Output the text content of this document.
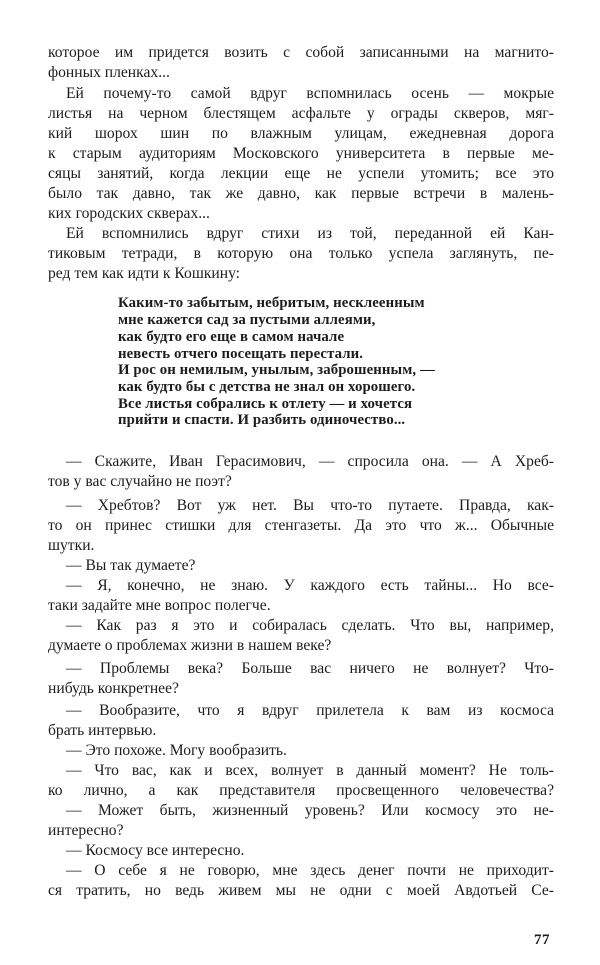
которое им придется возить с собой записанными на магнито-
фонных пленках...
Ей почему-то самой вдруг вспомнилась осень — мокрые
листья на черном блестящем асфальте у ограды скверов, мяг-
кий шорох шин по влажным улицам, ежедневная дорога
к старым аудиториям Московского университета в первые ме-
сяцы занятий, когда лекции еще не успели утомить; все это
было так давно, так же давно, как первые встречи в малень-
ких городских скверах...
Ей вспомнились вдруг стихи из той, переданной ей Кан-
тиковым тетради, в которую она только успела заглянуть, пе-
ред тем как идти к Кошкину:
Каким-то забытым, небритым, несклеенным
мне кажется сад за пустыми аллеями,
как будто его еще в самом начале
невесть отчего посещать перестали.
И рос он немилым, унылым, заброшенным, —
как будто бы с детства не знал он хорошего.
Все листья собрались к отлету — и хочется
прийти и спасти. И разбить одиночество...
— Скажите, Иван Герасимович, — спросила она. — А Хреб-
тов у вас случайно не поэт?
— Хребтов? Вот уж нет. Вы что-то путаете. Правда, как-
то он принес стишки для стенгазеты. Да это что ж... Обычные
шутки.
— Вы так думаете?
— Я, конечно, не знаю. У каждого есть тайны... Но все-
таки задайте мне вопрос полегче.
— Как раз я это и собиралась сделать. Что вы, например,
думаете о проблемах жизни в нашем веке?
— Проблемы века? Больше вас ничего не волнует? Что-
нибудь конкретнее?
— Вообразите, что я вдруг прилетела к вам из космоса
брать интервью.
— Это похоже. Могу вообразить.
— Что вас, как и всех, волнует в данный момент? Не толь-
ко лично, а как представителя просвещенного человечества?
— Может быть, жизненный уровень? Или космосу это не-
интересно?
— Космосу все интересно.
— О себе я не говорю, мне здесь денег почти не приходит-
ся тратить, но ведь живем мы не одни с моей Авдотьей Се-
77
